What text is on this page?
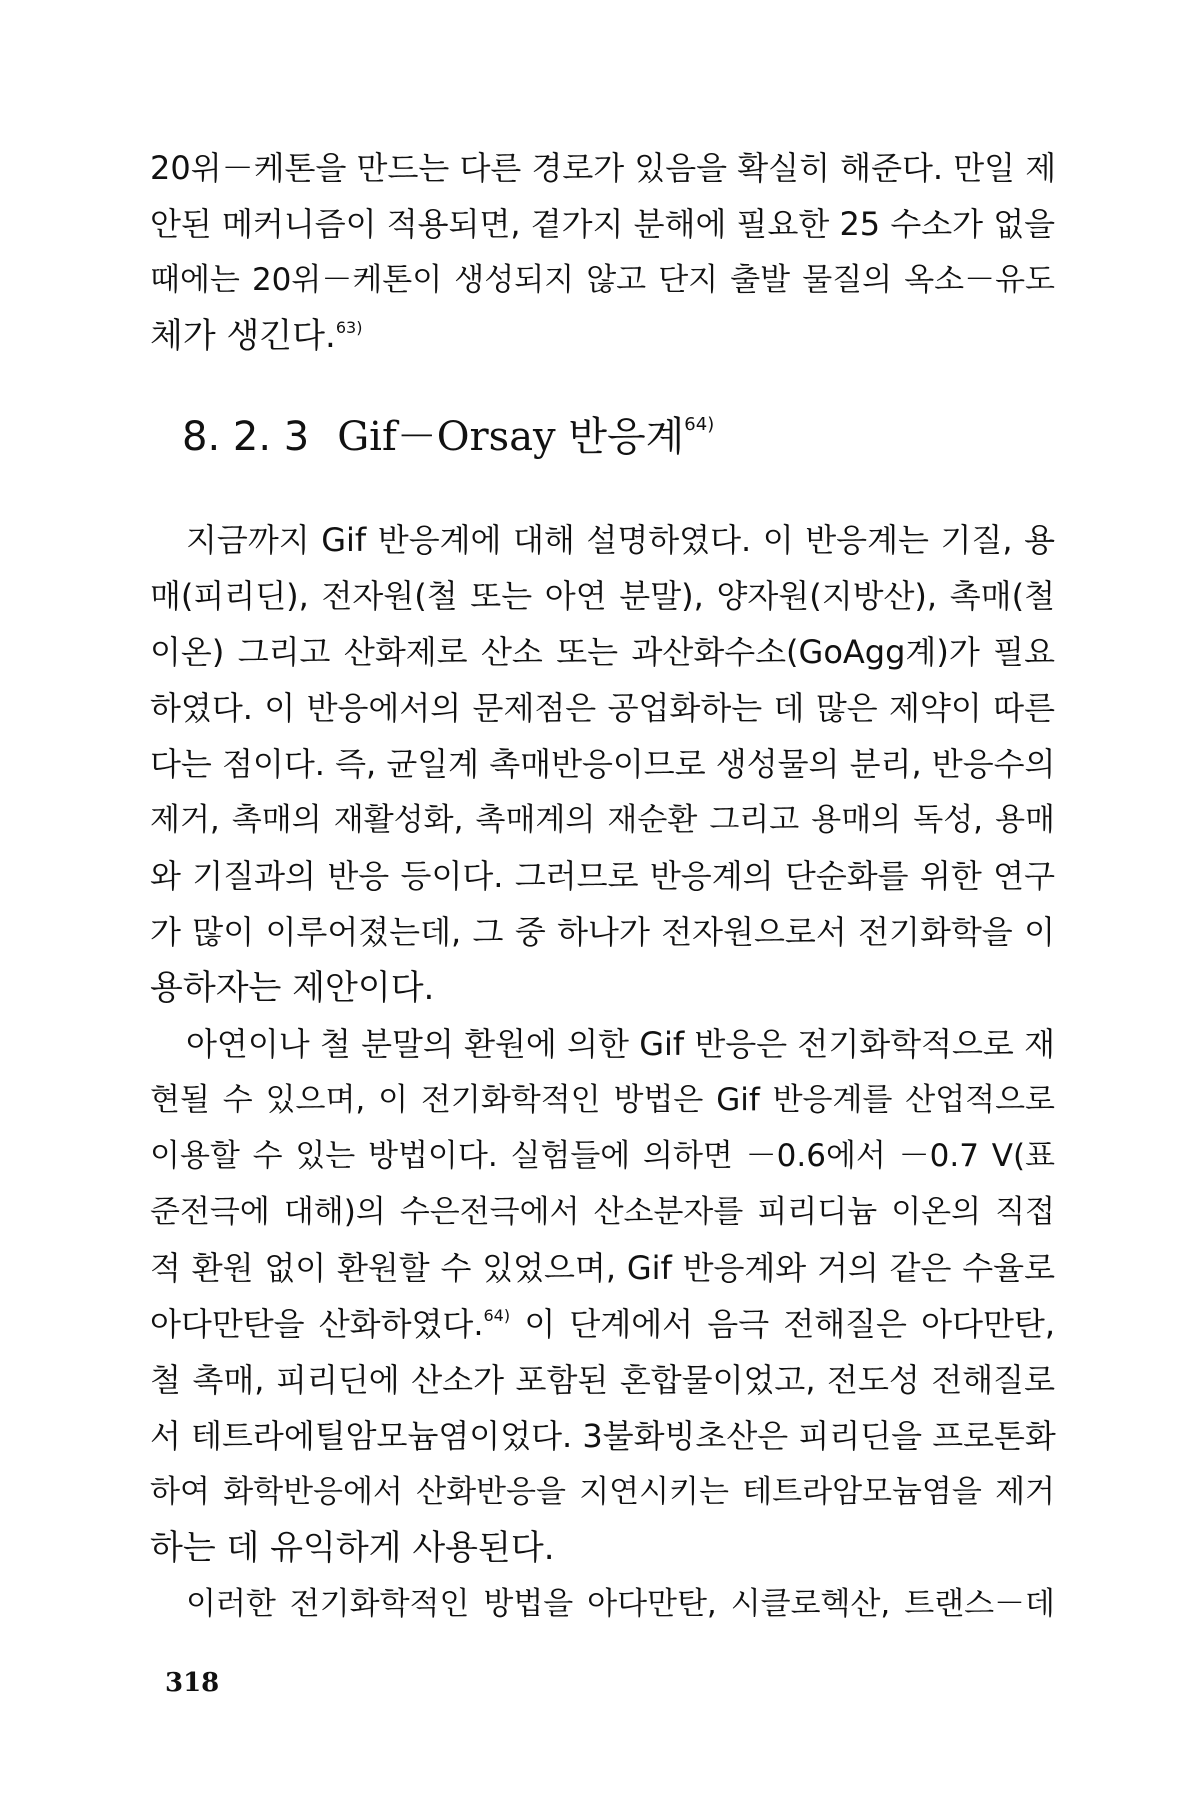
20위－케톤을 만드는 다른 경로가 있음을 확실히 해준다. 만일 제
안된 메커니즘이 적용되면, 곁가지 분해에 필요한 25 수소가 없을
때에는 20위－케톤이 생성되지 않고 단지 출발 물질의 옥소－유도
체가 생긴다.$^{63)}$
8. 2. 3 Gif－Orsay 반응계$^{64)}$
지금까지 Gif 반응계에 대해 설명하였다. 이 반응계는 기질, 용
매(피리딘), 전자원(철 또는 아연 분말), 양자원(지방산), 촉매(철
이온) 그리고 산화제로 산소 또는 과산화수소(GoAgg계)가 필요
하였다. 이 반응에서의 문제점은 공업화하는 데 많은 제약이 따른
다는 점이다. 즉, 균일계 촉매반응이므로 생성물의 분리, 반응수의
제거, 촉매의 재활성화, 촉매계의 재순환 그리고 용매의 독성, 용매
와 기질과의 반응 등이다. 그러므로 반응계의 단순화를 위한 연구
가 많이 이루어졌는데, 그 중 하나가 전자원으로서 전기화학을 이
용하자는 제안이다.
아연이나 철 분말의 환원에 의한 Gif 반응은 전기화학적으로 재
현될 수 있으며, 이 전기화학적인 방법은 Gif 반응계를 산업적으로
이용할 수 있는 방법이다. 실험들에 의하면 －0.6에서 －0.7 V(표
준전극에 대해)의 수은전극에서 산소분자를 피리디늄 이온의 직접
적 환원 없이 환원할 수 있었으며, Gif 반응계와 거의 같은 수율로
아다만탄을 산화하였다.$^{64)}$ 이 단계에서 음극 전해질은 아다만탄,
철 촉매, 피리딘에 산소가 포함된 혼합물이었고, 전도성 전해질로
서 테트라에틸암모늄염이었다. 3불화빙초산은 피리딘을 프로톤화
하여 화학반응에서 산화반응을 지연시키는 테트라암모늄염을 제거
하는 데 유익하게 사용된다.
이러한 전기화학적인 방법을 아다만탄, 시클로헥산, 트랜스－데
318
